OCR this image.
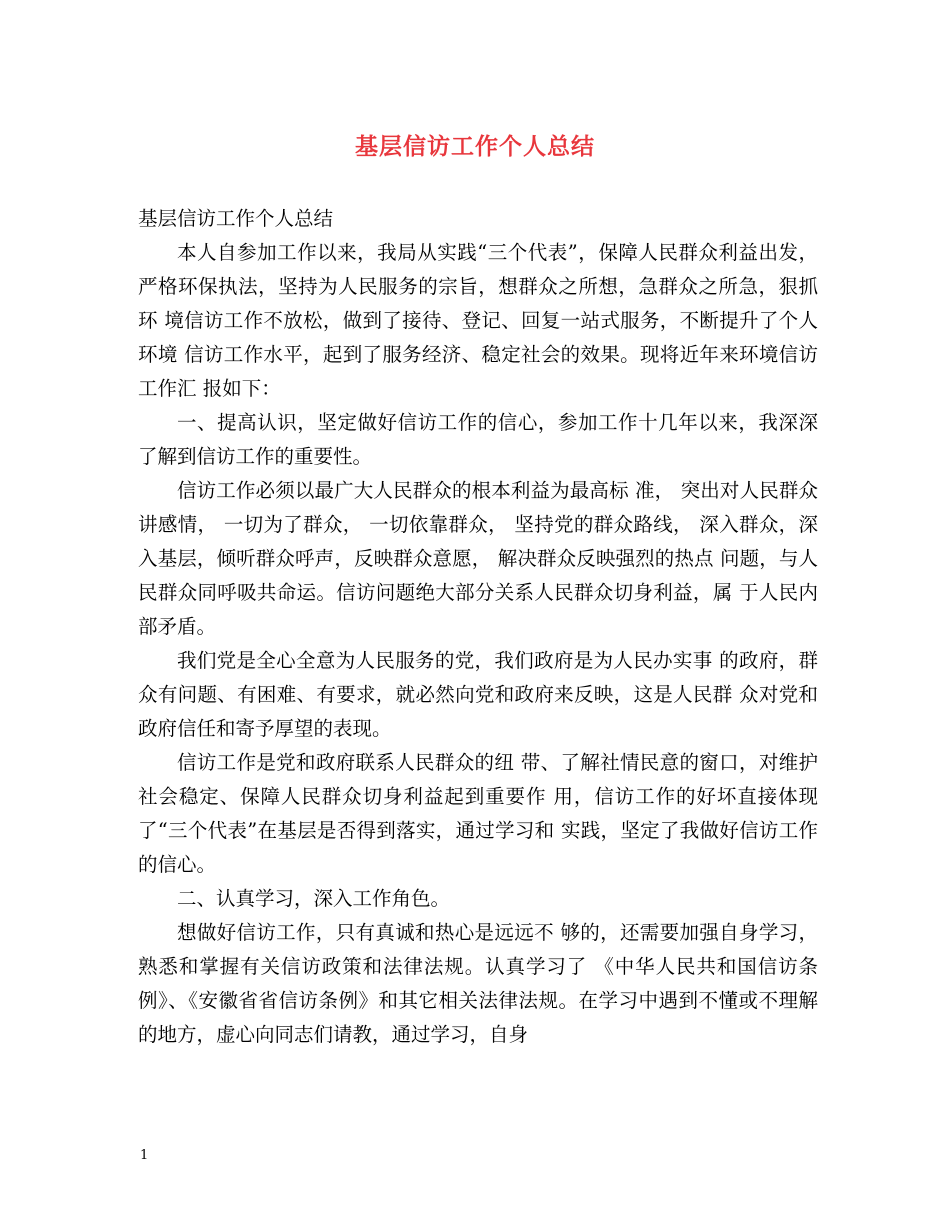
基层信访工作个人总结

基层信访工作个人总结

本人自参加工作以来，我局从实践“三个代表”，保障人民群众利益出发， 严格环保执法，坚持为人民服务的宗旨，想群众之所想，急群众之所急，狠抓环 境信访工作不放松，做到了接待、登记、回复一站式服务，不断提升了个人环境 信访工作水平，起到了服务经济、稳定社会的效果。现将近年来环境信访工作汇 报如下：

一、提高认识，坚定做好信访工作的信心，参加工作十几年以来，我深深了解到信访工作的重要性。

信访工作必须以最广大人民群众的根本利益为最高标 准， 突出对人民群众讲感情， 一切为了群众， 一切依靠群众， 坚持党的群众路线， 深入群众，深入基层，倾听群众呼声，反映群众意愿， 解决群众反映强烈的热点 问题，与人民群众同呼吸共命运。信访问题绝大部分关系人民群众切身利益，属 于人民内部矛盾。

我们党是全心全意为人民服务的党，我们政府是为人民办实事 的政府，群众有问题、有困难、有要求，就必然向党和政府来反映，这是人民群 众对党和政府信任和寄予厚望的表现。

信访工作是党和政府联系人民群众的纽 带、了解社情民意的窗口，对维护社会稳定、保障人民群众切身利益起到重要作 用，信访工作的好坏直接体现了“三个代表”在基层是否得到落实，通过学习和 实践，坚定了我做好信访工作的信心。

二、认真学习，深入工作角色。

想做好信访工作，只有真诚和热心是远远不 够的，还需要加强自身学习，熟悉和掌握有关信访政策和法律法规。认真学习了 《中华人民共和国信访条例》、《安徽省省信访条例》和其它相关法律法规。在学习中遇到不懂或不理解的地方，虚心向同志们请教，通过学习，自身

1
